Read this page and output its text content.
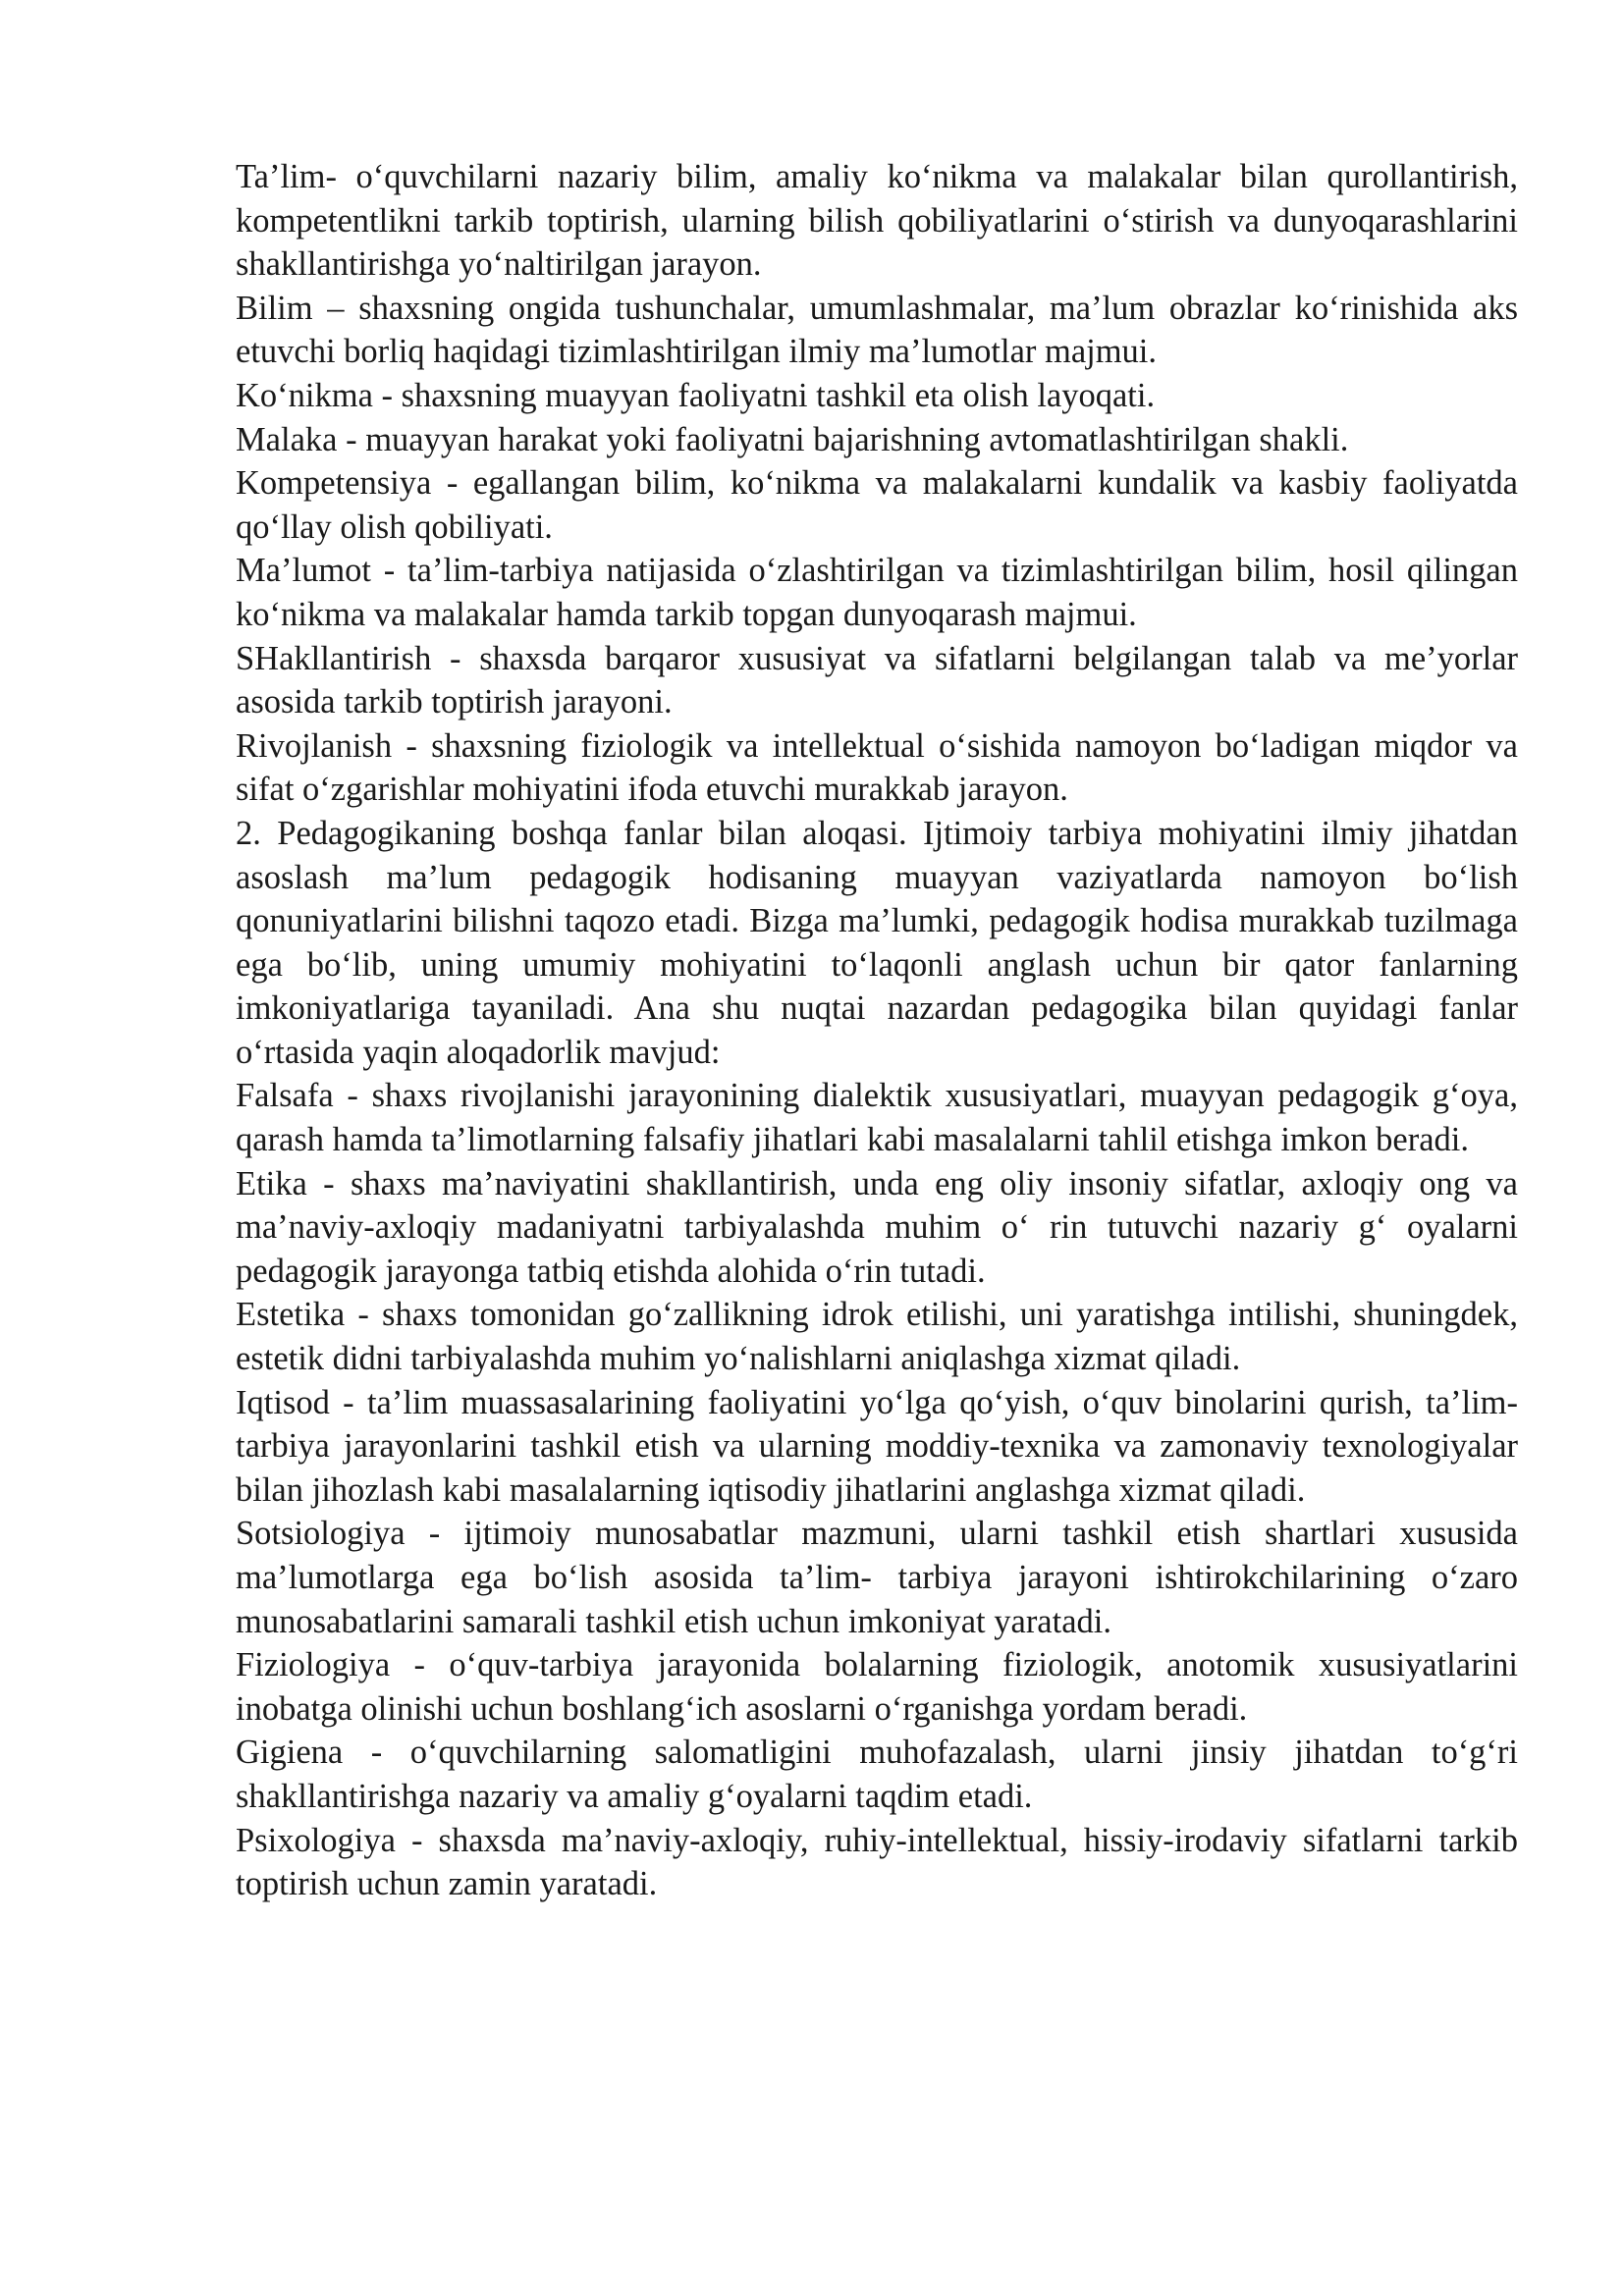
Ta’lim- o‘quvchilarni nazariy bilim, amaliy ko‘nikma va malakalar bilan qurollantirish, kompetentlikni tarkib toptirish, ularning bilish qobiliyatlarini o‘stirish va dunyoqarashlarini shakllantirishga yo‘naltirilgan jarayon.

Bilim – shaxsning ongida tushunchalar, umumlashmalar, ma’lum obrazlar ko‘rinishida aks etuvchi borliq haqidagi tizimlashtirilgan ilmiy ma’lumotlar majmui.

Ko‘nikma - shaxsning muayyan faoliyatni tashkil eta olish layoqati.

Malaka - muayyan harakat yoki faoliyatni bajarishning avtomatlashtirilgan shakli.

Kompetensiya - egallangan bilim, ko‘nikma va malakalarni kundalik va kasbiy faoliyatda qo‘llay olish qobiliyati.

Ma’lumot - ta’lim-tarbiya natijasida o‘zlashtirilgan va tizimlashtirilgan bilim, hosil qilingan ko‘nikma va malakalar hamda tarkib topgan dunyoqarash majmui.

SHakllantirish - shaxsda barqaror xususiyat va sifatlarni belgilangan talab va me’yorlar asosida tarkib toptirish jarayoni.

Rivojlanish - shaxsning fiziologik va intellektual o‘sishida namoyon bo‘ladigan miqdor va sifat o‘zgarishlar mohiyatini ifoda etuvchi murakkab jarayon.

2. Pedagogikaning boshqa fanlar bilan aloqasi. Ijtimoiy tarbiya mohiyatini ilmiy jihatdan asoslash ma’lum pedagogik hodisaning muayyan vaziyatlarda namoyon bo‘lish qonuniyatlarini bilishni taqozo etadi. Bizga ma’lumki, pedagogik hodisa murakkab tuzilmaga ega bo‘lib, uning umumiy mohiyatini to‘laqonli anglash uchun bir qator fanlarning imkoniyatlariga tayaniladi. Ana shu nuqtai nazardan pedagogika bilan quyidagi fanlar o‘rtasida yaqin aloqadorlik mavjud:

Falsafa - shaxs rivojlanishi jarayonining dialektik xususiyatlari, muayyan pedagogik g‘oya, qarash hamda ta’limotlarning falsafiy jihatlari kabi masalalarni tahlil etishga imkon beradi.

Etika - shaxs ma’naviyatini shakllantirish, unda eng oliy insoniy sifatlar, axloqiy ong va ma’naviy-axloqiy madaniyatni tarbiyalashda muhim o‘ rin tutuvchi nazariy g‘ oyalarni pedagogik jarayonga tatbiq etishda alohida o‘rin tutadi.

Estetika - shaxs tomonidan go‘zallikning idrok etilishi, uni yaratishga intilishi, shuningdek, estetik didni tarbiyalashda muhim yo‘nalishlarni aniqlashga xizmat qiladi.

Iqtisod - ta’lim muassasalarining faoliyatini yo‘lga qo‘yish, o‘quv binolarini qurish, ta’lim-tarbiya jarayonlarini tashkil etish va ularning moddiy-texnika va zamonaviy texnologiyalar bilan jihozlash kabi masalalarning iqtisodiy jihatlarini anglashga xizmat qiladi.

Sotsiologiya - ijtimoiy munosabatlar mazmuni, ularni tashkil etish shartlari xususida ma’lumotlarga ega bo‘lish asosida ta’lim- tarbiya jarayoni ishtirokchilarining o‘zaro munosabatlarini samarali tashkil etish uchun imkoniyat yaratadi.

Fiziologiya - o‘quv-tarbiya jarayonida bolalarning fiziologik, anotomik xususiyatlarini inobatga olinishi uchun boshlang‘ich asoslarni o‘rganishga yordam beradi.

Gigiena - o‘quvchilarning salomatligini muhofazalash, ularni jinsiy jihatdan to‘g‘ri shakllantirishga nazariy va amaliy g‘oyalarni taqdim etadi.

Psixologiya - shaxsda ma’naviy-axloqiy, ruhiy-intellektual, hissiy-irodaviy sifatlarni tarkib toptirish uchun zamin yaratadi.
